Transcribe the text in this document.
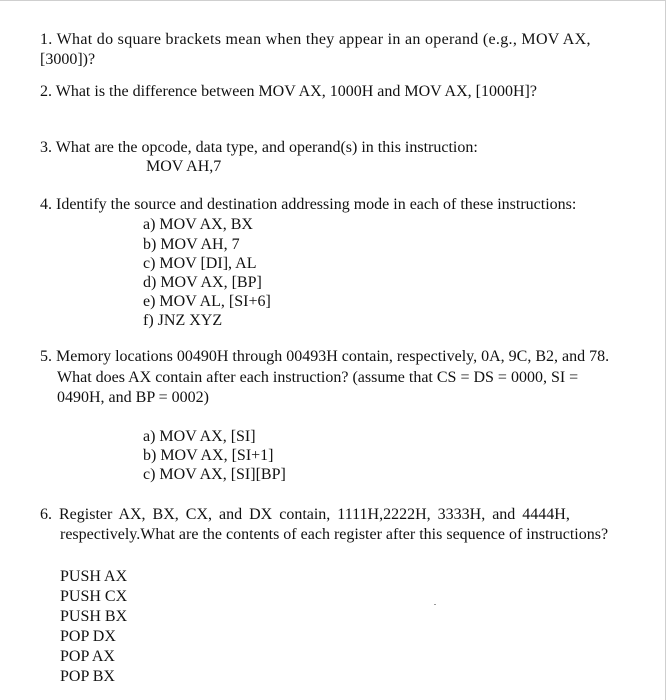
1. What do square brackets mean when they appear in an operand (e.g., MOV AX,
[3000])?
2. What is the difference between MOV AX, 1000H and MOV AX, [1000H]?
3. What are the opcode, data type, and operand(s) in this instruction:
MOV AH,7
4. Identify the source and destination addressing mode in each of these instructions:
a) MOV AX, BX
b) MOV AH, 7
c) MOV [DI], AL
d) MOV AX, [BP]
e) MOV AL, [SI+6]
f) JNZ XYZ
5. Memory locations 00490H through 00493H contain, respectively, 0A, 9C, B2, and 78.
What does AX contain after each instruction? (assume that CS = DS = 0000, SI =
0490H, and BP = 0002)
a) MOV AX, [SI]
b) MOV AX, [SI+1]
c) MOV AX, [SI][BP]
6. Register AX, BX, CX, and DX contain, 1111H,2222H, 3333H, and 4444H,
respectively.What are the contents of each register after this sequence of instructions?
PUSH AX
PUSH CX
PUSH BX
POP DX
POP AX
POP BX
